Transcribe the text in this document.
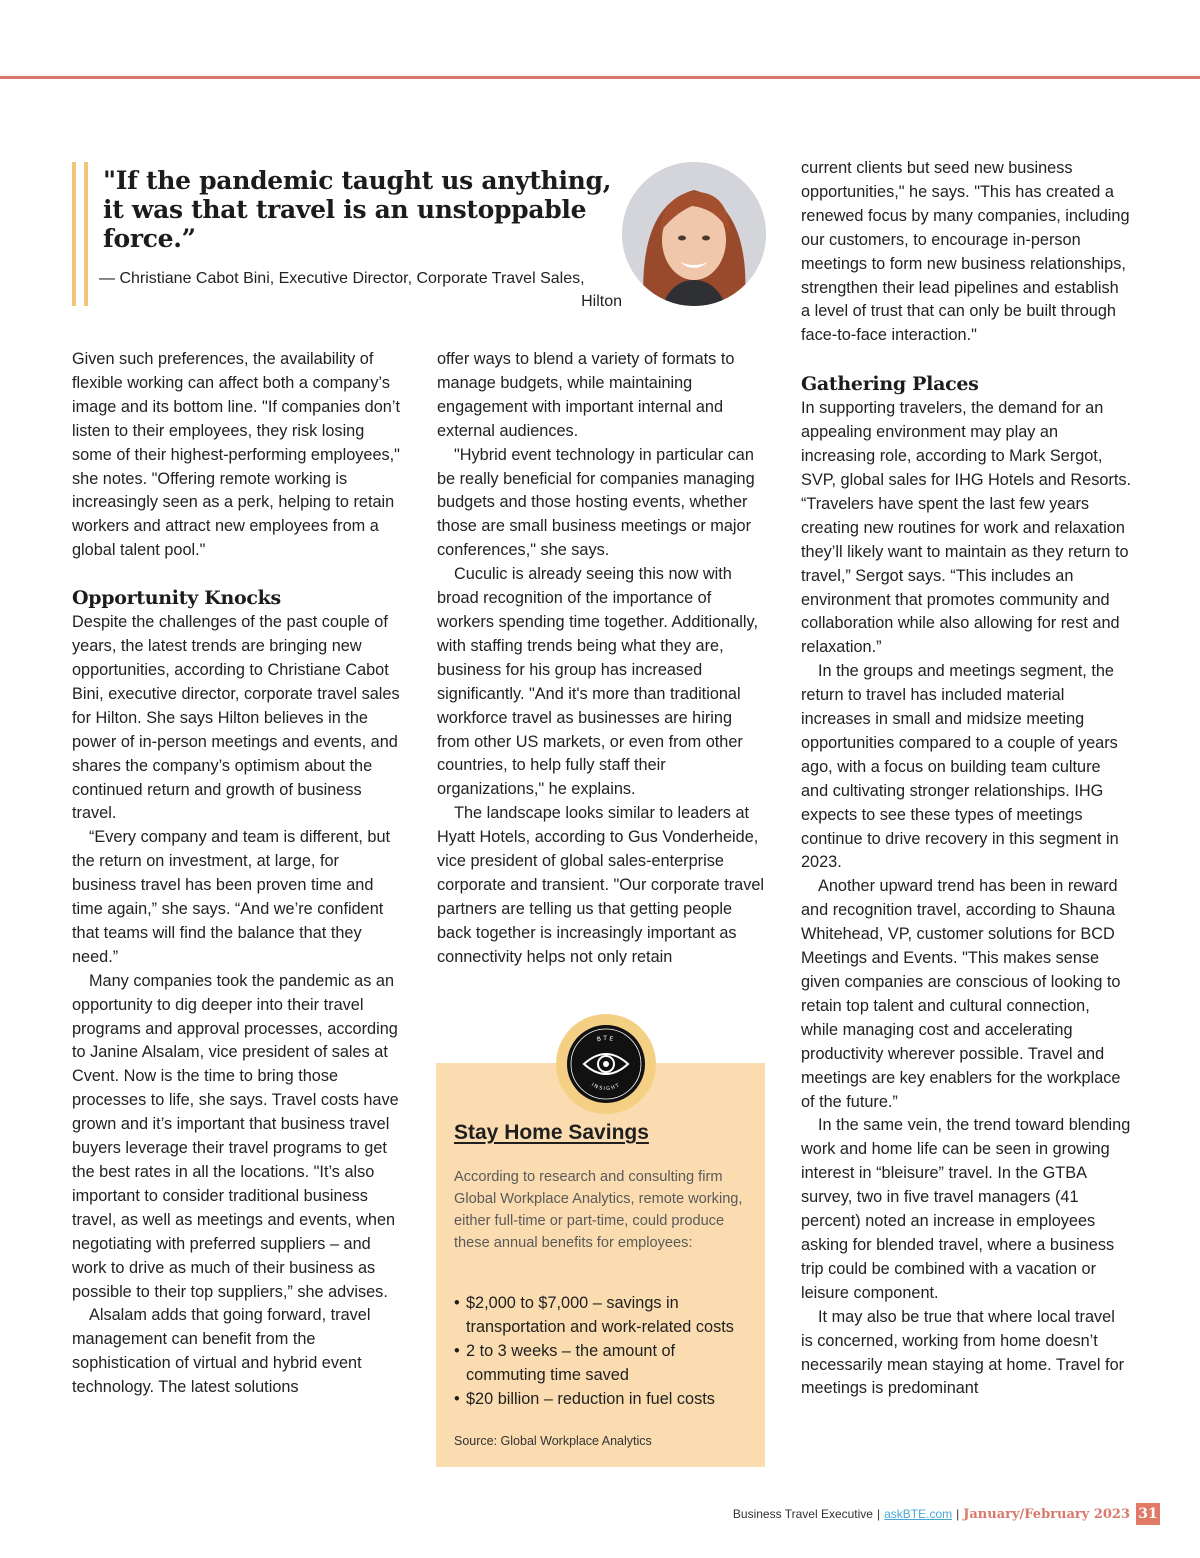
"If the pandemic taught us anything, it was that travel is an unstoppable force.”

— Christiane Cabot Bini, Executive Director, Corporate Travel Sales,
Hilton

Given such preferences, the availability of flexible working can affect both a company’s image and its bottom line. "If companies don’t listen to their employees, they risk losing some of their highest-performing employees," she notes. "Offering remote working is increasingly seen as a perk, helping to retain workers and attract new employees from a global talent pool."

Opportunity Knocks

Despite the challenges of the past couple of years, the latest trends are bringing new opportunities, according to Christiane Cabot Bini, executive director, corporate travel sales for Hilton. She says Hilton believes in the power of in-person meetings and events, and shares the company’s optimism about the continued return and growth of business travel.

“Every company and team is different, but the return on investment, at large, for business travel has been proven time and time again,” she says. “And we’re confident that teams will find the balance that they need.”

Many companies took the pandemic as an opportunity to dig deeper into their travel programs and approval processes, according to Janine Alsalam, vice president of sales at Cvent. Now is the time to bring those processes to life, she says. Travel costs have grown and it’s important that business travel buyers leverage their travel programs to get the best rates in all the locations. "It’s also important to consider traditional business travel, as well as meetings and events, when negotiating with preferred suppliers – and work to drive as much of their business as possible to their top suppliers,” she advises.

Alsalam adds that going forward, travel management can benefit from the sophistication of virtual and hybrid event technology. The latest solutions

offer ways to blend a variety of formats to manage budgets, while maintaining engagement with important internal and external audiences.

"Hybrid event technology in particular can be really beneficial for companies managing budgets and those hosting events, whether those are small business meetings or major conferences," she says.

Cuculic is already seeing this now with broad recognition of the importance of workers spending time together. Additionally, with staffing trends being what they are, business for his group has increased significantly. "And it's more than traditional workforce travel as businesses are hiring from other US markets, or even from other countries, to help fully staff their organizations," he explains.

The landscape looks similar to leaders at Hyatt Hotels, according to Gus Vonderheide, vice president of global sales-enterprise corporate and transient. "Our corporate travel partners are telling us that getting people back together is increasingly important as connectivity helps not only retain

current clients but seed new business opportunities," he says. "This has created a renewed focus by many companies, including our customers, to encourage in-person meetings to form new business relationships, strengthen their lead pipelines and establish a level of trust that can only be built through face-to-face interaction."

Gathering Places

In supporting travelers, the demand for an appealing environment may play an increasing role, according to Mark Sergot, SVP, global sales for IHG Hotels and Resorts. “Travelers have spent the last few years creating new routines for work and relaxation they’ll likely want to maintain as they return to travel,” Sergot says. “This includes an environment that promotes community and collaboration while also allowing for rest and relaxation.”

In the groups and meetings segment, the return to travel has included material increases in small and midsize meeting opportunities compared to a couple of years ago, with a focus on building team culture and cultivating stronger relationships. IHG expects to see these types of meetings continue to drive recovery in this segment in 2023.

Another upward trend has been in reward and recognition travel, according to Shauna Whitehead, VP, customer solutions for BCD Meetings and Events. "This makes sense given companies are conscious of looking to retain top talent and cultural connection, while managing cost and accelerating productivity wherever possible. Travel and meetings are key enablers for the workplace of the future.”

In the same vein, the trend toward blending work and home life can be seen in growing interest in “bleisure” travel. In the GTBA survey, two in five travel managers (41 percent) noted an increase in employees asking for blended travel, where a business trip could be combined with a vacation or leisure component.

It may also be true that where local travel is concerned, working from home doesn’t necessarily mean staying at home. Travel for meetings is predominant

BTE
INSIGHT
Stay Home Savings
According to research and consulting firm Global Workplace Analytics, remote working, either full-time or part-time, could produce these annual benefits for employees:
• $2,000 to $7,000 – savings in transportation and work-related costs
• 2 to 3 weeks – the amount of commuting time saved
• $20 billion – reduction in fuel costs
Source: Global Workplace Analytics
Business Travel Executive | askBTE.com | January/February 2023 31
